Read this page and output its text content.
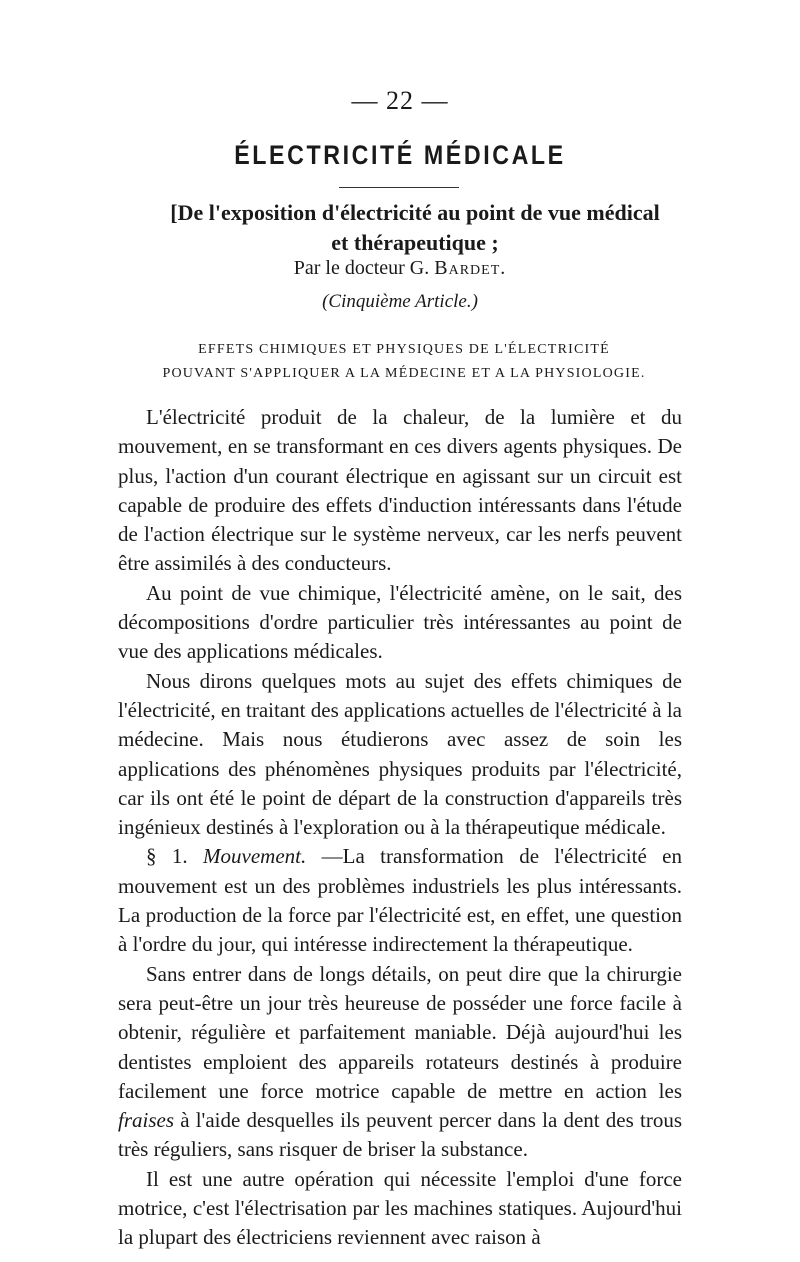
— 22 —
ÉLECTRICITÉ MÉDICALE
[De l'exposition d'électricité au point de vue médical
et thérapeutique ;
Par le docteur G. Bardet.
(Cinquième Article.)
EFFETS CHIMIQUES ET PHYSIQUES DE L'ÉLECTRICITÉ
POUVANT S'APPLIQUER A LA MÉDECINE ET A LA PHYSIOLOGIE.

L'électricité produit de la chaleur, de la lumière et du mouvement, en se transformant en ces divers agents physiques. De plus, l'action d'un courant électrique en agissant sur un circuit est capable de produire des effets d'induction intéressants dans l'étude de l'action électrique sur le système nerveux, car les nerfs peuvent être assimilés à des conducteurs.

Au point de vue chimique, l'électricité amène, on le sait, des décompositions d'ordre particulier très intéressantes au point de vue des applications médicales.

Nous dirons quelques mots au sujet des effets chimiques de l'électricité, en traitant des applications actuelles de l'électricité à la médecine. Mais nous étudierons avec assez de soin les applications des phénomènes physiques produits par l'électricité, car ils ont été le point de départ de la construction d'appareils très ingénieux destinés à l'exploration ou à la thérapeutique médicale.

§ 1. Mouvement. —La transformation de l'électricité en mouvement est un des problèmes industriels les plus intéressants. La production de la force par l'électricité est, en effet, une question à l'ordre du jour, qui intéresse indirectement la thérapeutique.

Sans entrer dans de longs détails, on peut dire que la chirurgie sera peut-être un jour très heureuse de posséder une force facile à obtenir, régulière et parfaitement maniable. Déjà aujourd'hui les dentistes emploient des appareils rotateurs destinés à produire facilement une force motrice capable de mettre en action les fraises à l'aide desquelles ils peuvent percer dans la dent des trous très réguliers, sans risquer de briser la substance.

Il est une autre opération qui nécessite l'emploi d'une force motrice, c'est l'électrisation par les machines statiques. Aujourd'hui la plupart des électriciens reviennent avec raison à
